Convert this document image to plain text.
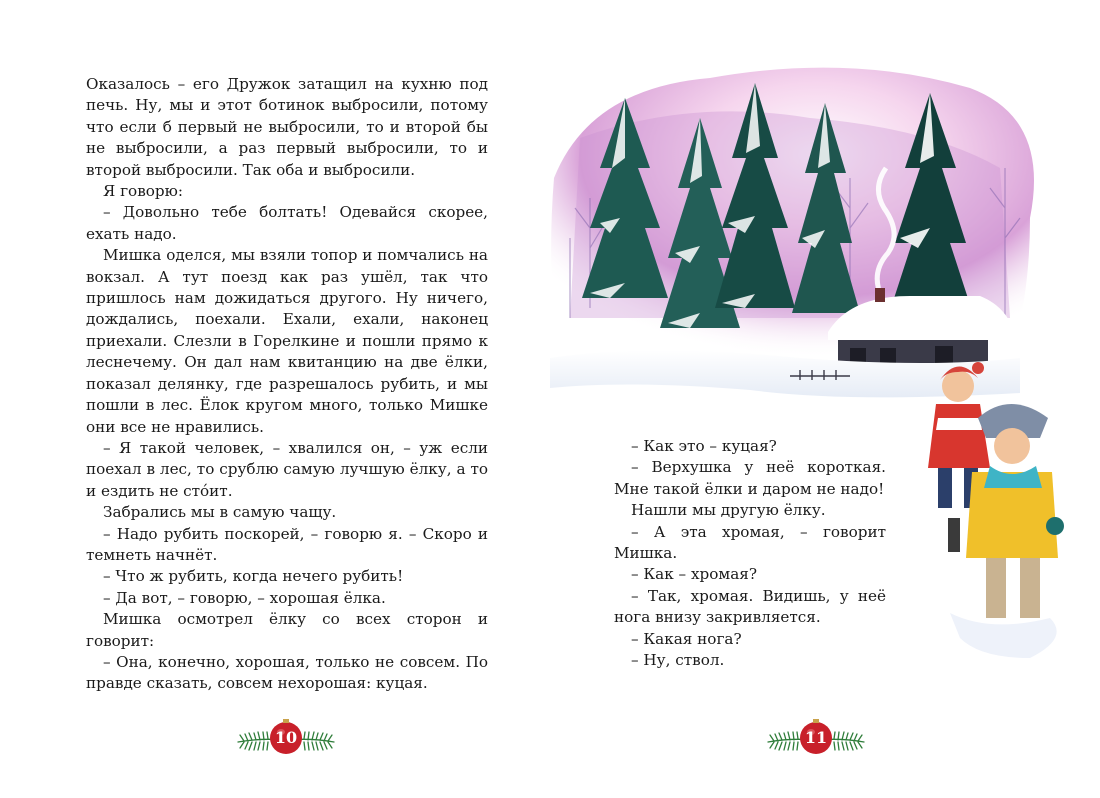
Оказалось – его Дружок затащил на кухню под печь. Ну, мы и этот ботинок выбросили, потому что если б первый не выбросили, то и второй бы не выбросили, а раз первый выбросили, то и второй выбросили. Так оба и выбросили.

Я говорю:

– Довольно тебе болтать! Одевайся скорее, ехать надо.

Мишка оделся, мы взяли топор и помчались на вокзал. А тут поезд как раз ушёл, так что пришлось нам дожидаться другого. Ну ничего, дождались, поехали. Ехали, ехали, наконец приехали. Слезли в Горелкине и пошли прямо к леснечему. Он дал нам квитанцию на две ёлки, показал делянку, где разрешалось рубить, и мы пошли в лес. Ёлок кругом много, только Мишке они все не нравились.

– Я такой человек, – хвалился он, – уж если поехал в лес, то срублю самую лучшую ёлку, а то и ездить не сто́ит.

Забрались мы в самую чащу.

– Надо рубить поскорей, – говорю я. – Скоро и темнеть начнёт.

– Что ж рубить, когда нечего рубить!

– Да вот, – говорю, – хорошая ёлка.

Мишка осмотрел ёлку со всех сторон и говорит:

– Она, конечно, хорошая, только не совсем. По правде сказать, совсем нехорошая: куцая.

10

– Как это – куцая?

– Верхушка у неё короткая. Мне такой ёлки и даром не надо!

Нашли мы другую ёлку.

– А эта хромая, – говорит Мишка.

– Как – хромая?

– Так, хромая. Видишь, у неё нога внизу закривляется.

– Какая нога?

– Ну, ствол.

11
